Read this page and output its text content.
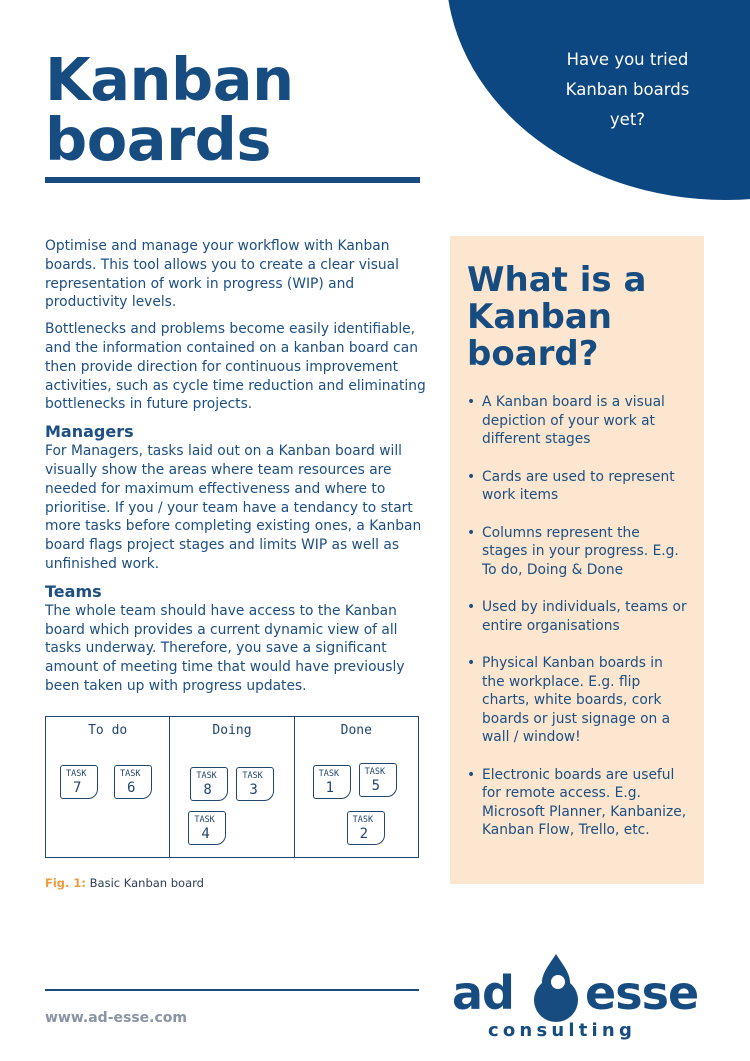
Have you tried
Kanban boards
yet?
Kanban
boards

Optimise and manage your workflow with Kanban boards. This tool allows you to create a clear visual representation of work in progress (WIP) and productivity levels.

Bottlenecks and problems become easily identifiable, and the information contained on a kanban board can then provide direction for continuous improvement activities, such as cycle time reduction and eliminating bottlenecks in future projects.

Managers

For Managers, tasks laid out on a Kanban board will visually show the areas where team resources are needed for maximum effectiveness and where to prioritise. If you / your team have a tendancy to start more tasks before completing existing ones, a Kanban board flags project stages and limits WIP as well as unfinished work.

Teams

The whole team should have access to the Kanban board which provides a current dynamic view of all tasks underway. Therefore, you save a significant amount of meeting time that would have previously been taken up with progress updates.

To do
TASK
7
TASK
6
Doing
TASK
8
TASK
3
TASK
4
Done
TASK
1
TASK
5
TASK
2
Fig. 1: Basic Kanban board
What is a
Kanban
board?
• A Kanban board is a visual depiction of your work at different stages
• Cards are used to represent work items
• Columns represent the stages in your progress. E.g. To do, Doing & Done
• Used by individuals, teams or entire organisations
• Physical Kanban boards in the workplace. E.g. flip charts, white boards, cork boards or just signage on a wall / window!
• Electronic boards are useful for remote access. E.g. Microsoft Planner, Kanbanize, Kanban Flow, Trello, etc.
www.ad-esse.com	ad esse
consulting
